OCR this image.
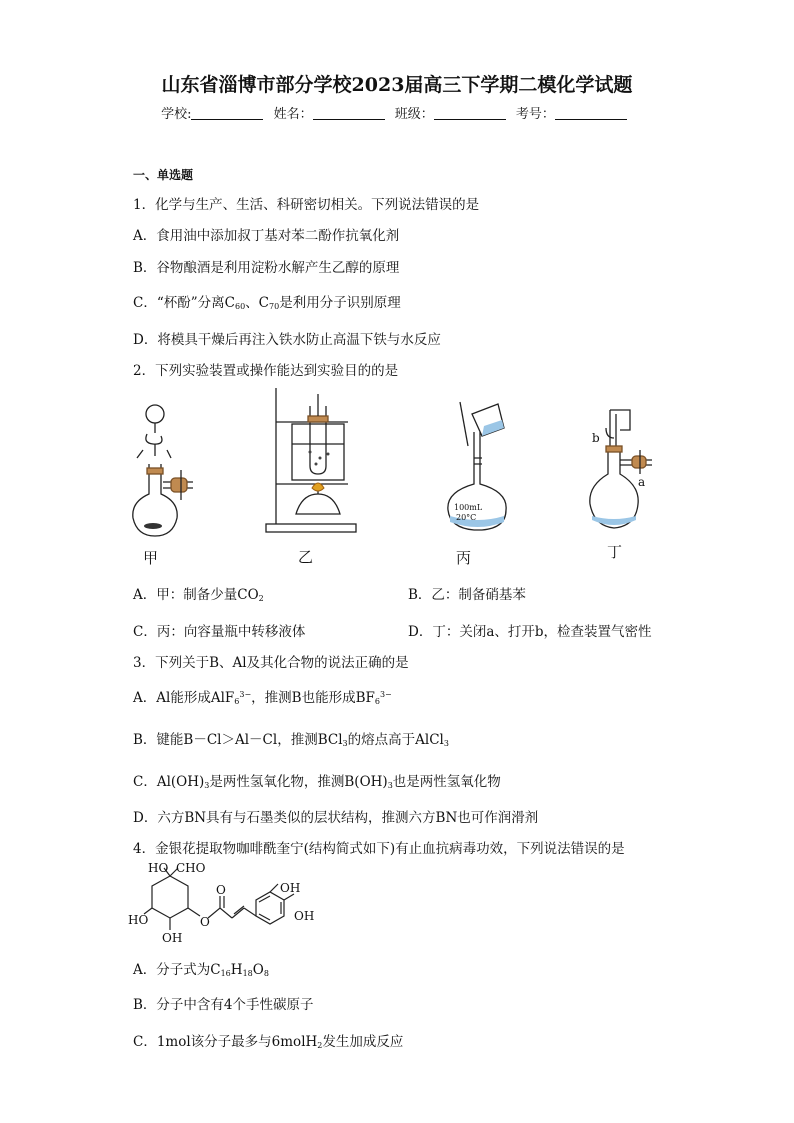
山东省淄博市部分学校2023届高三下学期二模化学试题
学校:	姓名：	班级：	考号：
一、单选题
1．化学与生产、生活、科研密切相关。下列说法错误的是
A．食用油中添加叔丁基对苯二酚作抗氧化剂
B．谷物酿酒是利用淀粉水解产生乙醇的原理
C．“杯酚”分离$C_{60}$、$C_{70}$是利用分子识别原理
D．将模具干燥后再注入铁水防止高温下铁与水反应
2．下列实验装置或操作能达到实验目的的是
甲	乙
100mL
20°C
丙
b
a
丁
A．甲：制备少量$CO_2$	B．乙：制备硝基苯
C．丙：向容量瓶中转移液体	D．丁：关闭a、打开b，检查装置气密性
3．下列关于B、Al及其化合物的说法正确的是
A．Al能形成AlF$_6^{3-}$，推测B也能形成$BF_6^{3-}$
B．键能B－Cl＞Al－Cl，推测BCl$_3$的熔点高于AlCl$_3$
C．$Al(OH)_3$是两性氢氧化物，推测$B(OH)_3$也是两性氢氧化物
D．六方BN具有与石墨类似的层状结构，推测六方BN也可作润滑剂
4．金银花提取物咖啡酰奎宁(结构简式如下)有止血抗病毒功效，下列说法错误的是
HO CHO
HO
OH
O
O	OH
OH
A．分子式为$C_{16}H_{18}O_8$
B．分子中含有4个手性碳原子
C．1mol该分子最多与6molH$_2$发生加成反应
